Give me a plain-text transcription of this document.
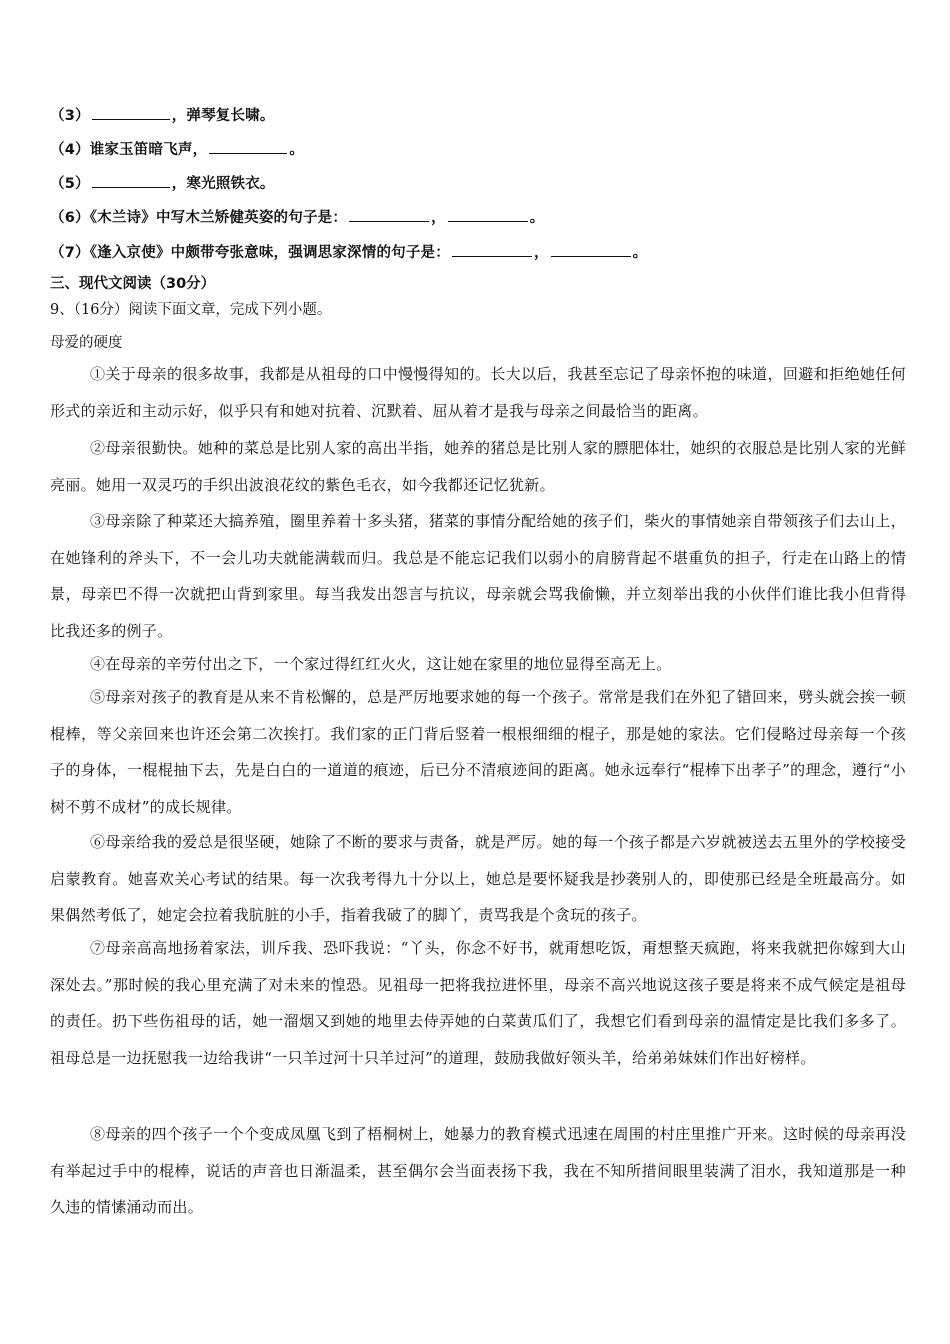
（3）	，弹琴复长啸。
（4）谁家玉笛暗飞声，	。
（5）	，寒光照铁衣。
（6）《木兰诗》中写木兰矫健英姿的句子是：	，	。
（7）《逢入京使》中颇带夸张意味，强调思家深情的句子是：	，	。
三、现代文阅读（30分）
9、（16分）阅读下面文章，完成下列小题。
母爱的硬度

①关于母亲的很多故事，我都是从祖母的口中慢慢得知的。长大以后，我甚至忘记了母亲怀抱的味道，回避和拒绝她任何形式的亲近和主动示好，似乎只有和她对抗着、沉默着、屈从着才是我与母亲之间最恰当的距离。

②母亲很勤快。她种的菜总是比别人家的高出半指，她养的猪总是比别人家的膘肥体壮，她织的衣服总是比别人家的光鲜亮丽。她用一双灵巧的手织出波浪花纹的紫色毛衣，如今我都还记忆犹新。

③母亲除了种菜还大搞养殖，圈里养着十多头猪，猪菜的事情分配给她的孩子们，柴火的事情她亲自带领孩子们去山上，在她锋利的斧头下，不一会儿功夫就能满载而归。我总是不能忘记我们以弱小的肩膀背起不堪重负的担子，行走在山路上的情景，母亲巴不得一次就把山背到家里。每当我发出怨言与抗议，母亲就会骂我偷懒，并立刻举出我的小伙伴们谁比我小但背得比我还多的例子。

④在母亲的辛劳付出之下，一个家过得红红火火，这让她在家里的地位显得至高无上。

⑤母亲对孩子的教育是从来不肯松懈的，总是严厉地要求她的每一个孩子。常常是我们在外犯了错回来，劈头就会挨一顿棍棒，等父亲回来也许还会第二次挨打。我们家的正门背后竖着一根根细细的棍子，那是她的家法。它们侵略过母亲每一个孩子的身体，一棍棍抽下去，先是白白的一道道的痕迹，后已分不清痕迹间的距离。她永远奉行“棍棒下出孝子”的理念，遵行“小树不剪不成材”的成长规律。

⑥母亲给我的爱总是很坚硬，她除了不断的要求与责备，就是严厉。她的每一个孩子都是六岁就被送去五里外的学校接受启蒙教育。她喜欢关心考试的结果。每一次我考得九十分以上，她总是要怀疑我是抄袭别人的，即使那已经是全班最高分。如果偶然考低了，她定会拉着我肮脏的小手，指着我破了的脚丫，责骂我是个贪玩的孩子。

⑦母亲高高地扬着家法，训斥我、恐吓我说：“丫头，你念不好书，就甭想吃饭，甭想整天疯跑，将来我就把你嫁到大山深处去。”那时候的我心里充满了对未来的惶恐。见祖母一把将我拉进怀里，母亲不高兴地说这孩子要是将来不成气候定是祖母的责任。扔下些伤祖母的话，她一溜烟又到她的地里去侍弄她的白菜黄瓜们了，我想它们看到母亲的温情定是比我们多多了。祖母总是一边抚慰我一边给我讲“一只羊过河十只羊过河”的道理，鼓励我做好领头羊，给弟弟妹妹们作出好榜样。

⑧母亲的四个孩子一个个变成凤凰飞到了梧桐树上，她暴力的教育模式迅速在周围的村庄里推广开来。这时候的母亲再没有举起过手中的棍棒，说话的声音也日渐温柔，甚至偶尔会当面表扬下我，我在不知所措间眼里装满了泪水，我知道那是一种久违的情愫涌动而出。
